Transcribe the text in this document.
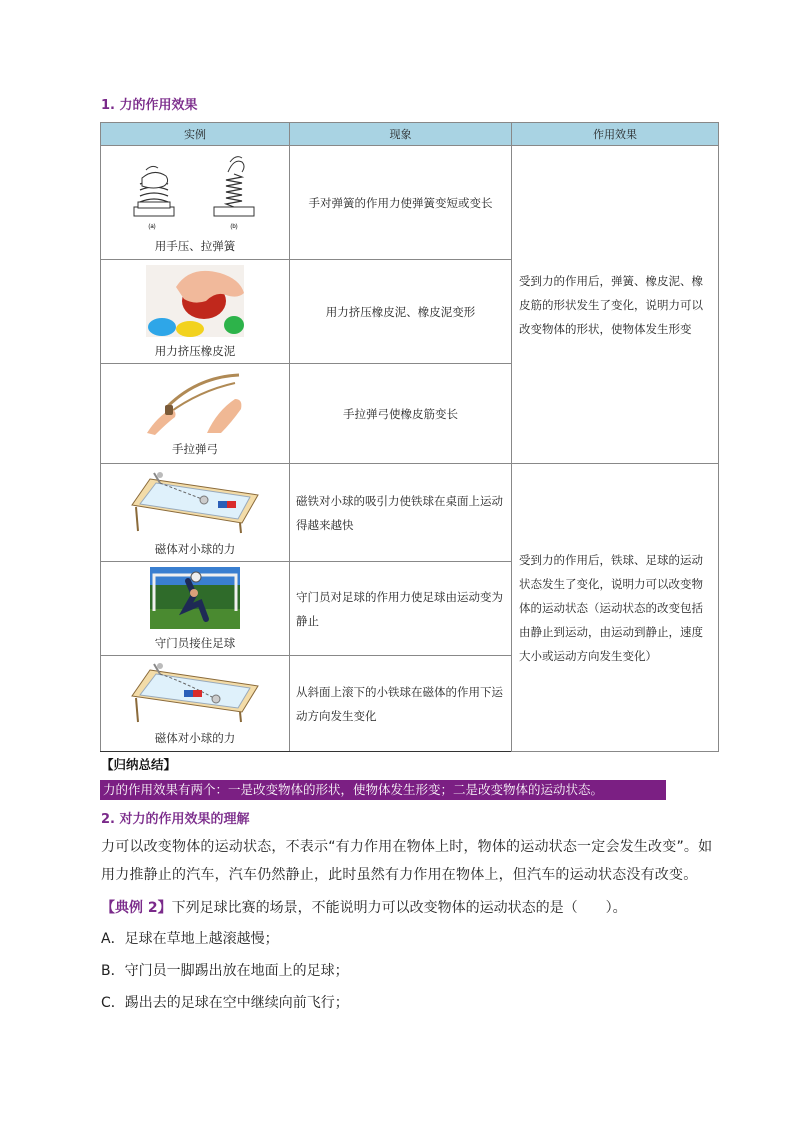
1. 力的作用效果
实例	现象	作用效果

(a) (b)
用手压、拉弹簧	手对弹簧的作用力使弹簧变短或变长	受到力的作用后，弹簧、橡皮泥、橡皮筋的形状发生了变化，说明力可以改变物体的形状，使物体发生形变

用力挤压橡皮泥	用力挤压橡皮泥、橡皮泥变形	

手拉弹弓	手拉弹弓使橡皮筋变长	

磁体对小球的力	磁铁对小球的吸引力使铁球在桌面上运动得越来越快	受到力的作用后，铁球、足球的运动状态发生了变化，说明力可以改变物体的运动状态（运动状态的改变包括由静止到运动，由运动到静止，速度大小或运动方向发生变化）

守门员接住足球	守门员对足球的作用力使足球由运动变为静止	

磁体对小球的力	从斜面上滚下的小铁球在磁体的作用下运动方向发生变化	
【归纳总结】
力的作用效果有两个：一是改变物体的形状，使物体发生形变；二是改变物体的运动状态。
2. 对力的作用效果的理解
力可以改变物体的运动状态，不表示“有力作用在物体上时，物体的运动状态一定会发生改变”。如用力推静止的汽车，汽车仍然静止，此时虽然有力作用在物体上，但汽车的运动状态没有改变。
【典例 2】下列足球比赛的场景，不能说明力可以改变物体的运动状态的是（　　）。
A．足球在草地上越滚越慢；
B．守门员一脚踢出放在地面上的足球；
C．踢出去的足球在空中继续向前飞行；
